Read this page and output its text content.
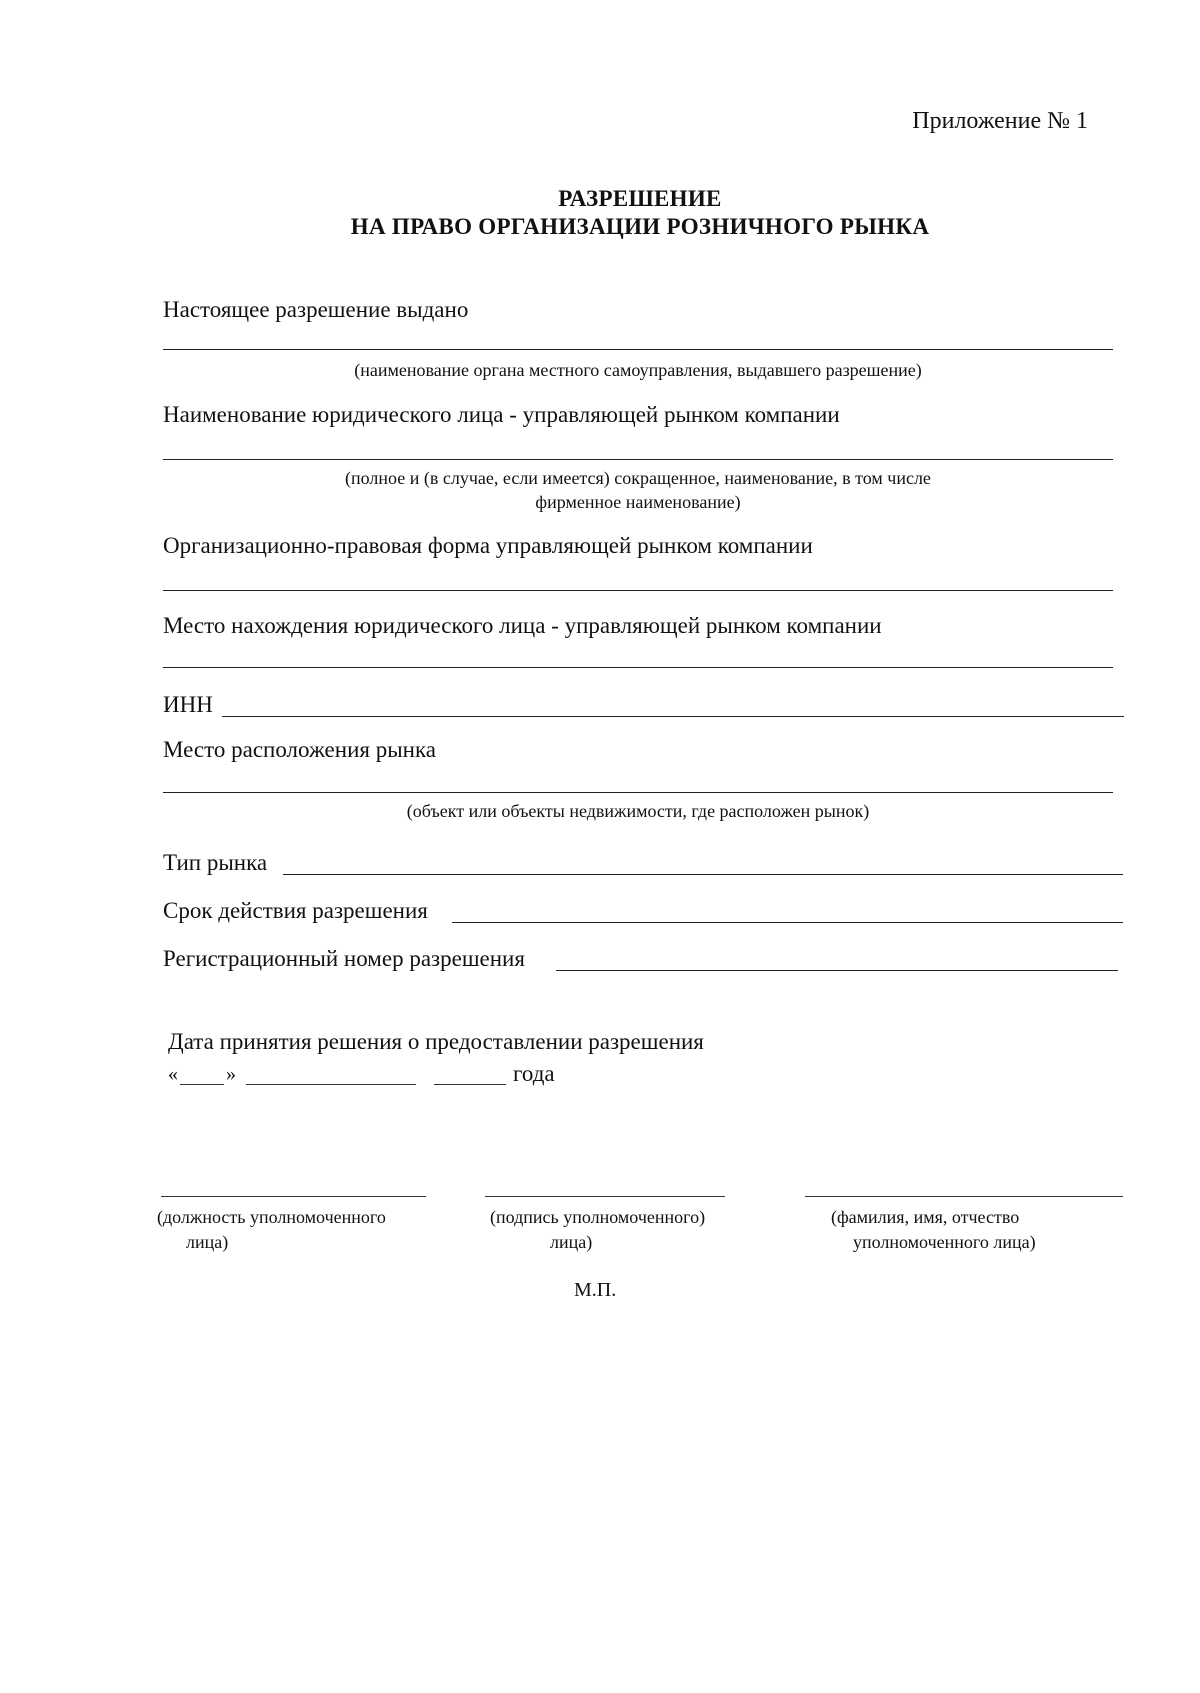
Приложение № 1
РАЗРЕШЕНИЕ
НА ПРАВО ОРГАНИЗАЦИИ РОЗНИЧНОГО РЫНКА
Настоящее разрешение выдано
(наименование органа местного самоуправления, выдавшего разрешение)
Наименование юридического лица - управляющей рынком компании
(полное и (в случае, если имеется) сокращенное, наименование, в том числе
фирменное наименование)
Организационно-правовая форма управляющей рынком компании
Место нахождения юридического лица - управляющей рынком компании
ИНН
Место расположения рынка
(объект или объекты недвижимости, где расположен рынок)
Тип рынка
Срок действия разрешения
Регистрационный номер разрешения
Дата принятия решения о предоставлении разрешения
« »	года
(должность уполномоченного
лица)
(подпись уполномоченного)
лица)
(фамилия, имя, отчество
уполномоченного лица)
М.П.
